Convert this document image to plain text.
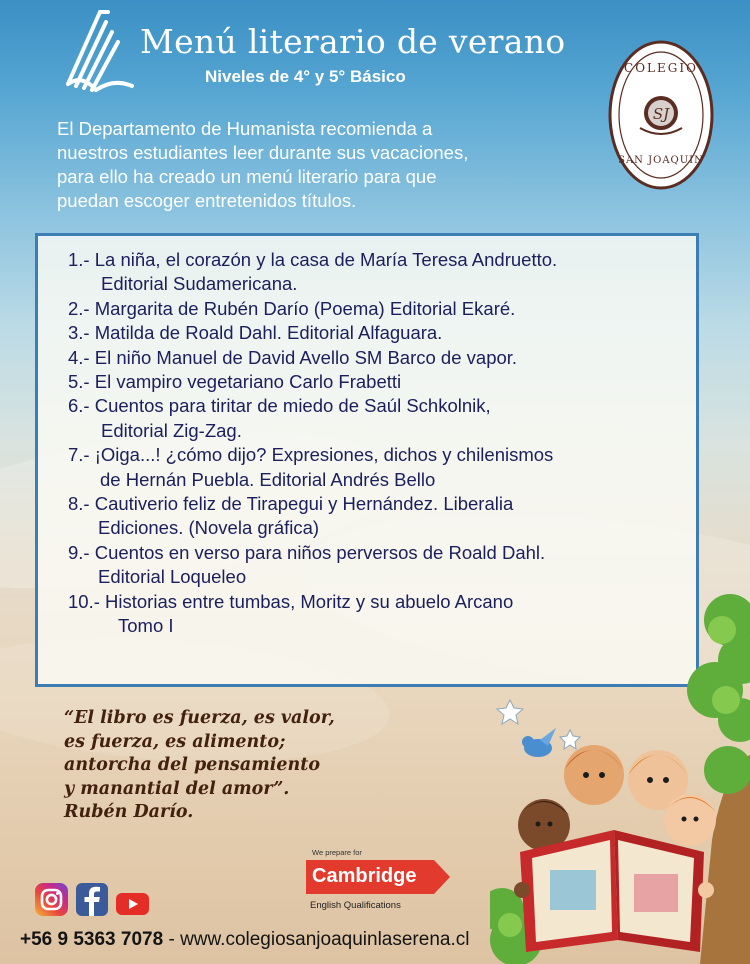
Menú literario de verano
Niveles de 4° y 5° Básico
SJ
COLEGIO
SAN JOAQUIN
El Departamento de Humanista recomienda a
nuestros estudiantes leer durante sus vacaciones,
para ello ha creado un menú literario para que
puedan escoger entretenidos títulos.
1.- La niña, el corazón y la casa de María Teresa Andruetto.
Editorial Sudamericana.
2.- Margarita de Rubén Darío (Poema) Editorial Ekaré.
3.- Matilda de Roald Dahl. Editorial Alfaguara.
4.- El niño Manuel de David Avello SM Barco de vapor.
5.- El vampiro vegetariano Carlo Frabetti
6.- Cuentos para tiritar de miedo de Saúl Schkolnik,
Editorial Zig-Zag.
7.- ¡Oiga...! ¿cómo dijo? Expresiones, dichos y chilenismos
de Hernán Puebla. Editorial Andrés Bello
8.- Cautiverio feliz de Tirapegui y Hernández. Liberalia
Ediciones. (Novela gráfica)
9.- Cuentos en verso para niños perversos de Roald Dahl.
Editorial Loqueleo
10.- Historias entre tumbas, Moritz y su abuelo Arcano
Tomo I
“El libro es fuerza, es valor,
es fuerza, es alimento;
antorcha del pensamiento
y manantial del amor”.
Rubén Darío.
We prepare for
Cambridge
English Qualifications
+56 9 5363 7078 - www.colegiosanjoaquinlaserena.cl
